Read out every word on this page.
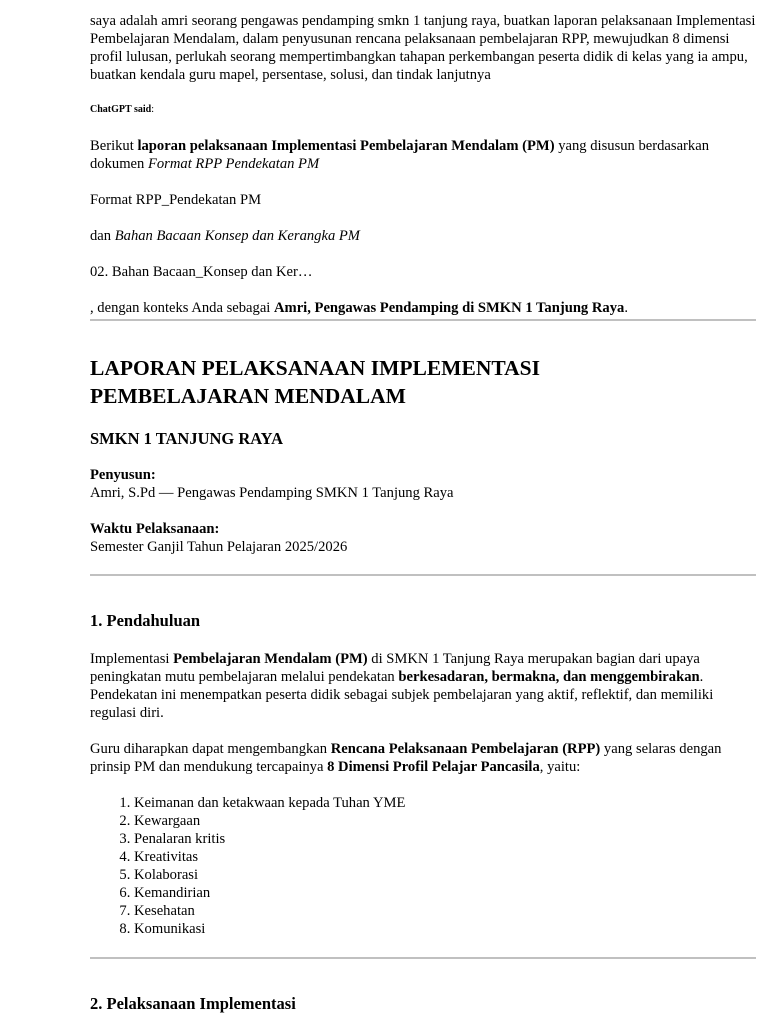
saya adalah amri seorang pengawas pendamping smkn 1 tanjung raya, buatkan laporan pelaksanaan Implementasi Pembelajaran Mendalam, dalam penyusunan rencana pelaksanaan pembelajaran RPP, mewujudkan 8 dimensi profil lulusan, perlukah seorang mempertimbangkan tahapan perkembangan peserta didik di kelas yang ia ampu, buatkan kendala guru mapel, persentase, solusi, dan tindak lanjutnya

ChatGPT said:

Berikut laporan pelaksanaan Implementasi Pembelajaran Mendalam (PM) yang disusun berdasarkan dokumen Format RPP Pendekatan PM

Format RPP_Pendekatan PM

dan Bahan Bacaan Konsep dan Kerangka PM

02. Bahan Bacaan_Konsep dan Ker…

, dengan konteks Anda sebagai Amri, Pengawas Pendamping di SMKN 1 Tanjung Raya.

LAPORAN PELAKSANAAN IMPLEMENTASI
PEMBELAJARAN MENDALAM
SMKN 1 TANJUNG RAYA

Penyusun:

Amri, S.Pd — Pengawas Pendamping SMKN 1 Tanjung Raya

Waktu Pelaksanaan:

Semester Ganjil Tahun Pelajaran 2025/2026

1. Pendahuluan

Implementasi Pembelajaran Mendalam (PM) di SMKN 1 Tanjung Raya merupakan bagian dari upaya peningkatan mutu pembelajaran melalui pendekatan berkesadaran, bermakna, dan menggembirakan. Pendekatan ini menempatkan peserta didik sebagai subjek pembelajaran yang aktif, reflektif, dan memiliki regulasi diri.

Guru diharapkan dapat mengembangkan Rencana Pelaksanaan Pembelajaran (RPP) yang selaras dengan prinsip PM dan mendukung tercapainya 8 Dimensi Profil Pelajar Pancasila, yaitu:

1. Keimanan dan ketakwaan kepada Tuhan YME
2. Kewargaan
3. Penalaran kritis
4. Kreativitas
5. Kolaborasi
6. Kemandirian
7. Kesehatan
8. Komunikasi
2. Pelaksanaan Implementasi
